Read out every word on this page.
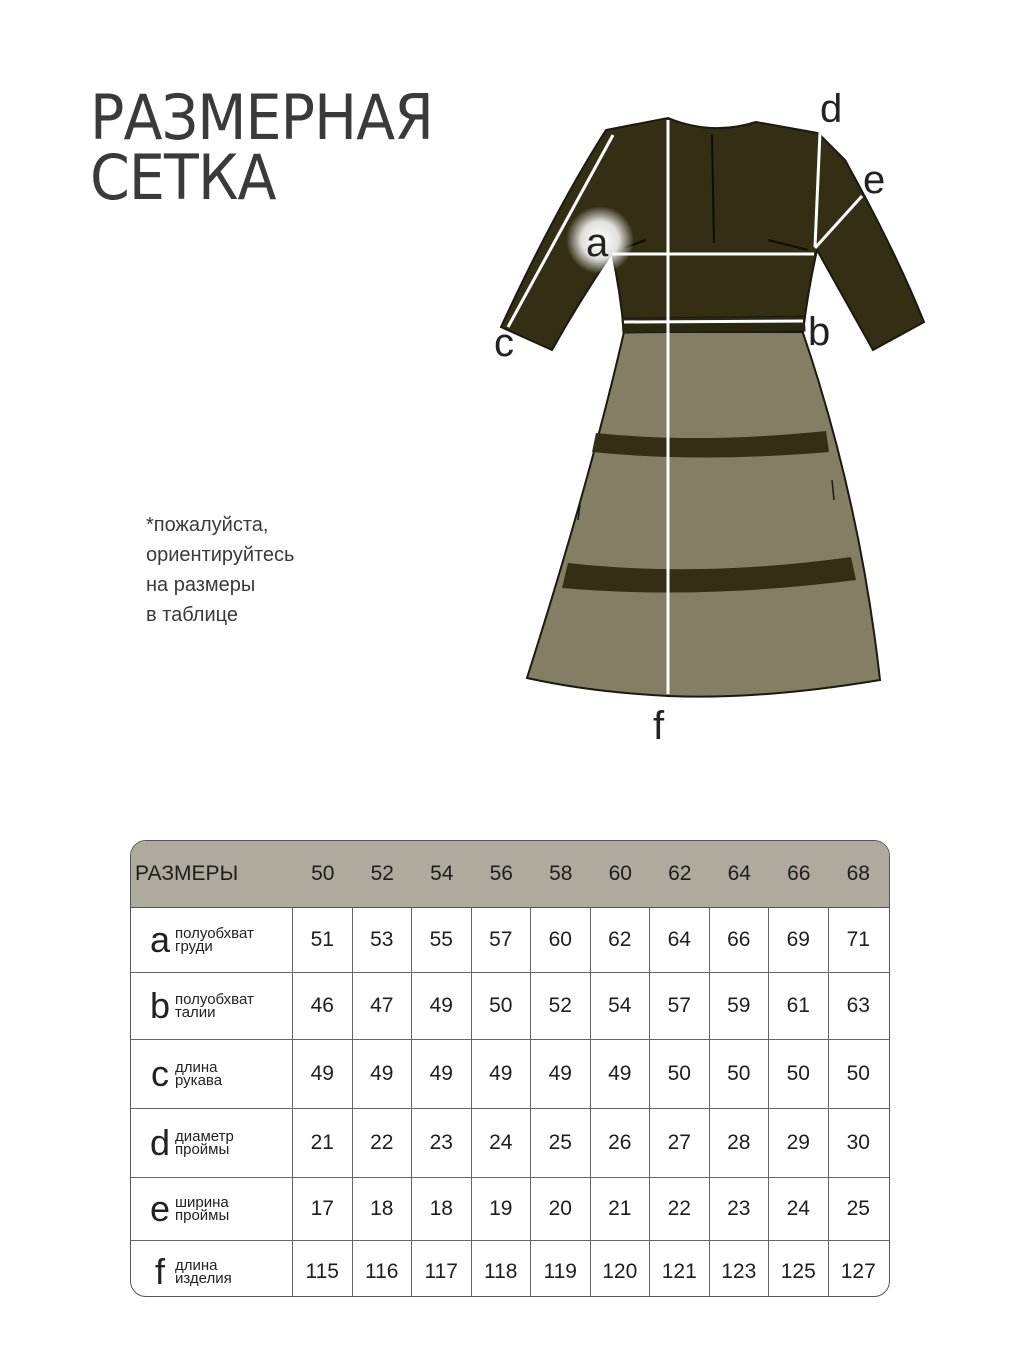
РАЗМЕРНАЯ
СЕТКА
*пожалуйста,
ориентируйтесь
на размеры
в таблице
a
b
c
d
e
f
РАЗМЕРЫ	50	52	54	56	58	60	62	64	66	68
a полуобхват
груди	51	53	55	57	60	62	64	66	69	71
b полуобхват
талии	46	47	49	50	52	54	57	59	61	63
c длина
рукава	49	49	49	49	49	49	50	50	50	50
d диаметр
проймы	21	22	23	24	25	26	27	28	29	30
e ширина
проймы	17	18	18	19	20	21	22	23	24	25
f длина
изделия	115	116	117	118	119	120	121	123	125	127
